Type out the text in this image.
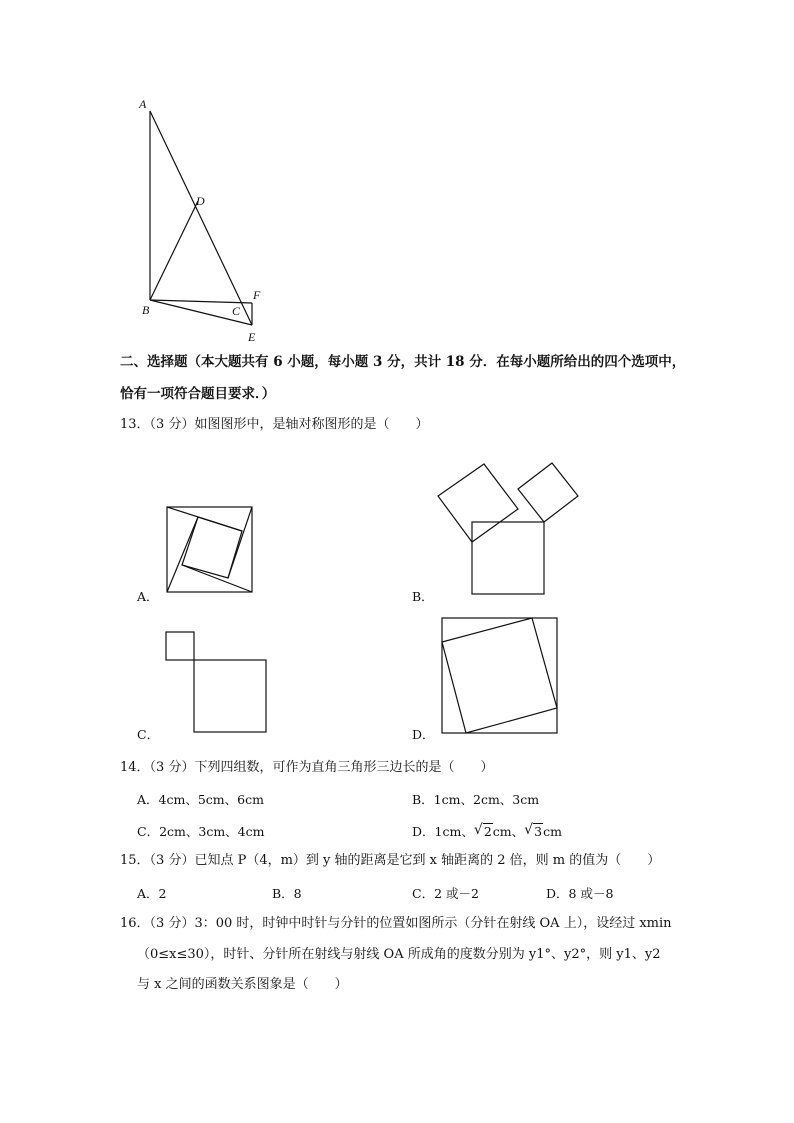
A
D
F
B	C
E
二、选择题（本大题共有 6 小题，每小题 3 分，共计 18 分．在每小题所给出的四个选项中，
恰有一项符合题目要求．）
13．（3 分）如图图形中，是轴对称图形的是（　　）
A．	B．
C．	D．
14．（3 分）下列四组数，可作为直角三角形三边长的是（　　）
A．4cm、5cm、6cm	B．1cm、2cm、3cm
C．2cm、3cm、4cm	D．1cm、 √ 2cm、 √ 3cm
15．（3 分）已知点 P（4，m）到 y 轴的距离是它到 x 轴距离的 2 倍，则 m 的值为（　　）
A．2	B．8	C．2 或－2	D．8 或－8
16．（3 分）3：00 时，时钟中时针与分针的位置如图所示（分针在射线 OA 上），设经过 xmin
（0≤x≤30），时针、分针所在射线与射线 OA 所成角的度数分别为 y1°、y2°，则 y1、y2
与 x 之间的函数关系图象是（　　）
